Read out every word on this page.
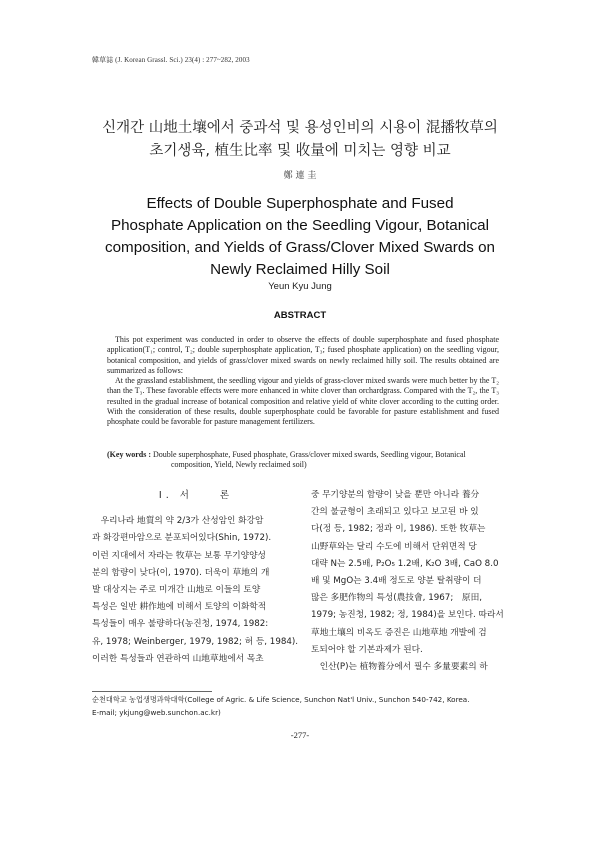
韓草誌 (J. Korean Grassl. Sci.) 23(4) : 277~282, 2003
신개간 山地土壤에서 중과석 및 용성인비의 시용이 混播牧草의
초기생육, 植生比率 및 收量에 미치는 영향 비교
鄭 連 圭
Effects of Double Superphosphate and Fused
Phosphate Application on the Seedling Vigour, Botanical
composition, and Yields of Grass/Clover Mixed Swards on
Newly Reclaimed Hilly Soil
Yeun Kyu Jung
ABSTRACT

This pot experiment was conducted in order to observe the effects of double superphosphate and fused phosphate application(T₁; control, T₂; double superphosphate application, T₃; fused phosphate application) on the seedling vigour, botanical composition, and yields of grass/clover mixed swards on newly reclaimed hilly soil. The results obtained are summarized as follows:

At the grassland establishment, the seedling vigour and yields of grass-clover mixed swards were much better by the T₂ than the T₃. These favorable effects were more enhanced in white clover than orchardgrass. Compared with the T₂, the T₃ resulted in the gradual increase of botanical composition and relative yield of white clover according to the cutting order. With the consideration of these results, double superphosphate could be favorable for pasture establishment and fused phosphate could be favorable for pasture management fertilizers.

(Key words : Double superphosphate, Fused phosphate, Grass/clover mixed swards, Seedling vigour, Botanical
composition, Yield, Newly reclaimed soil)
Ⅰ. 서　　론
　우리나라 地質의 약 2/3가 산성암인 화강암
과 화강편마암으로 분포되어있다(Shin, 1972).
이런 지대에서 자라는 牧草는 보통 무기양양성
분의 함량이 낮다(이, 1970). 더욱이 草地의 개
발 대상지는 주로 미개간 山地로 이들의 토양
특성은 일반 耕作地에 비해서 토양의 이화학적
특성들이 매우 불량하다(농진청, 1974, 1982:
유, 1978; Weinberger, 1979, 1982; 허 등, 1984).
이러한 특성들과 연관하여 山地草地에서 목초
중 무기양분의 함량이 낮을 뿐만 아니라 養分
간의 불균형이 초래되고 있다고 보고된 바 있
다(정 등, 1982; 정과 이, 1986). 또한 牧草는
山野草와는 달리 수도에 비해서 단위면적 당
대략 N는 2.5배, P₂O₅ 1.2배, K₂O 3배, CaO 8.0
배 및 MgO는 3.4배 정도로 양분 탈취량이 더
많은 多肥作物의 특성(農技會, 1967;　原田,
1979; 농진청, 1982; 정, 1984)을 보인다. 따라서
草地土壤의 비옥도 증진은 山地草地 개발에 검
토되어야 할 기본과제가 된다.
　인산(P)는 植物養分에서 필수 多量要素의 하
순천대학교 농업생명과학대학(College of Agric. & Life Science, Sunchon Nat'l Univ., Sunchon 540-742, Korea.
E-mail; ykjung@web.sunchon.ac.kr)
-277-
